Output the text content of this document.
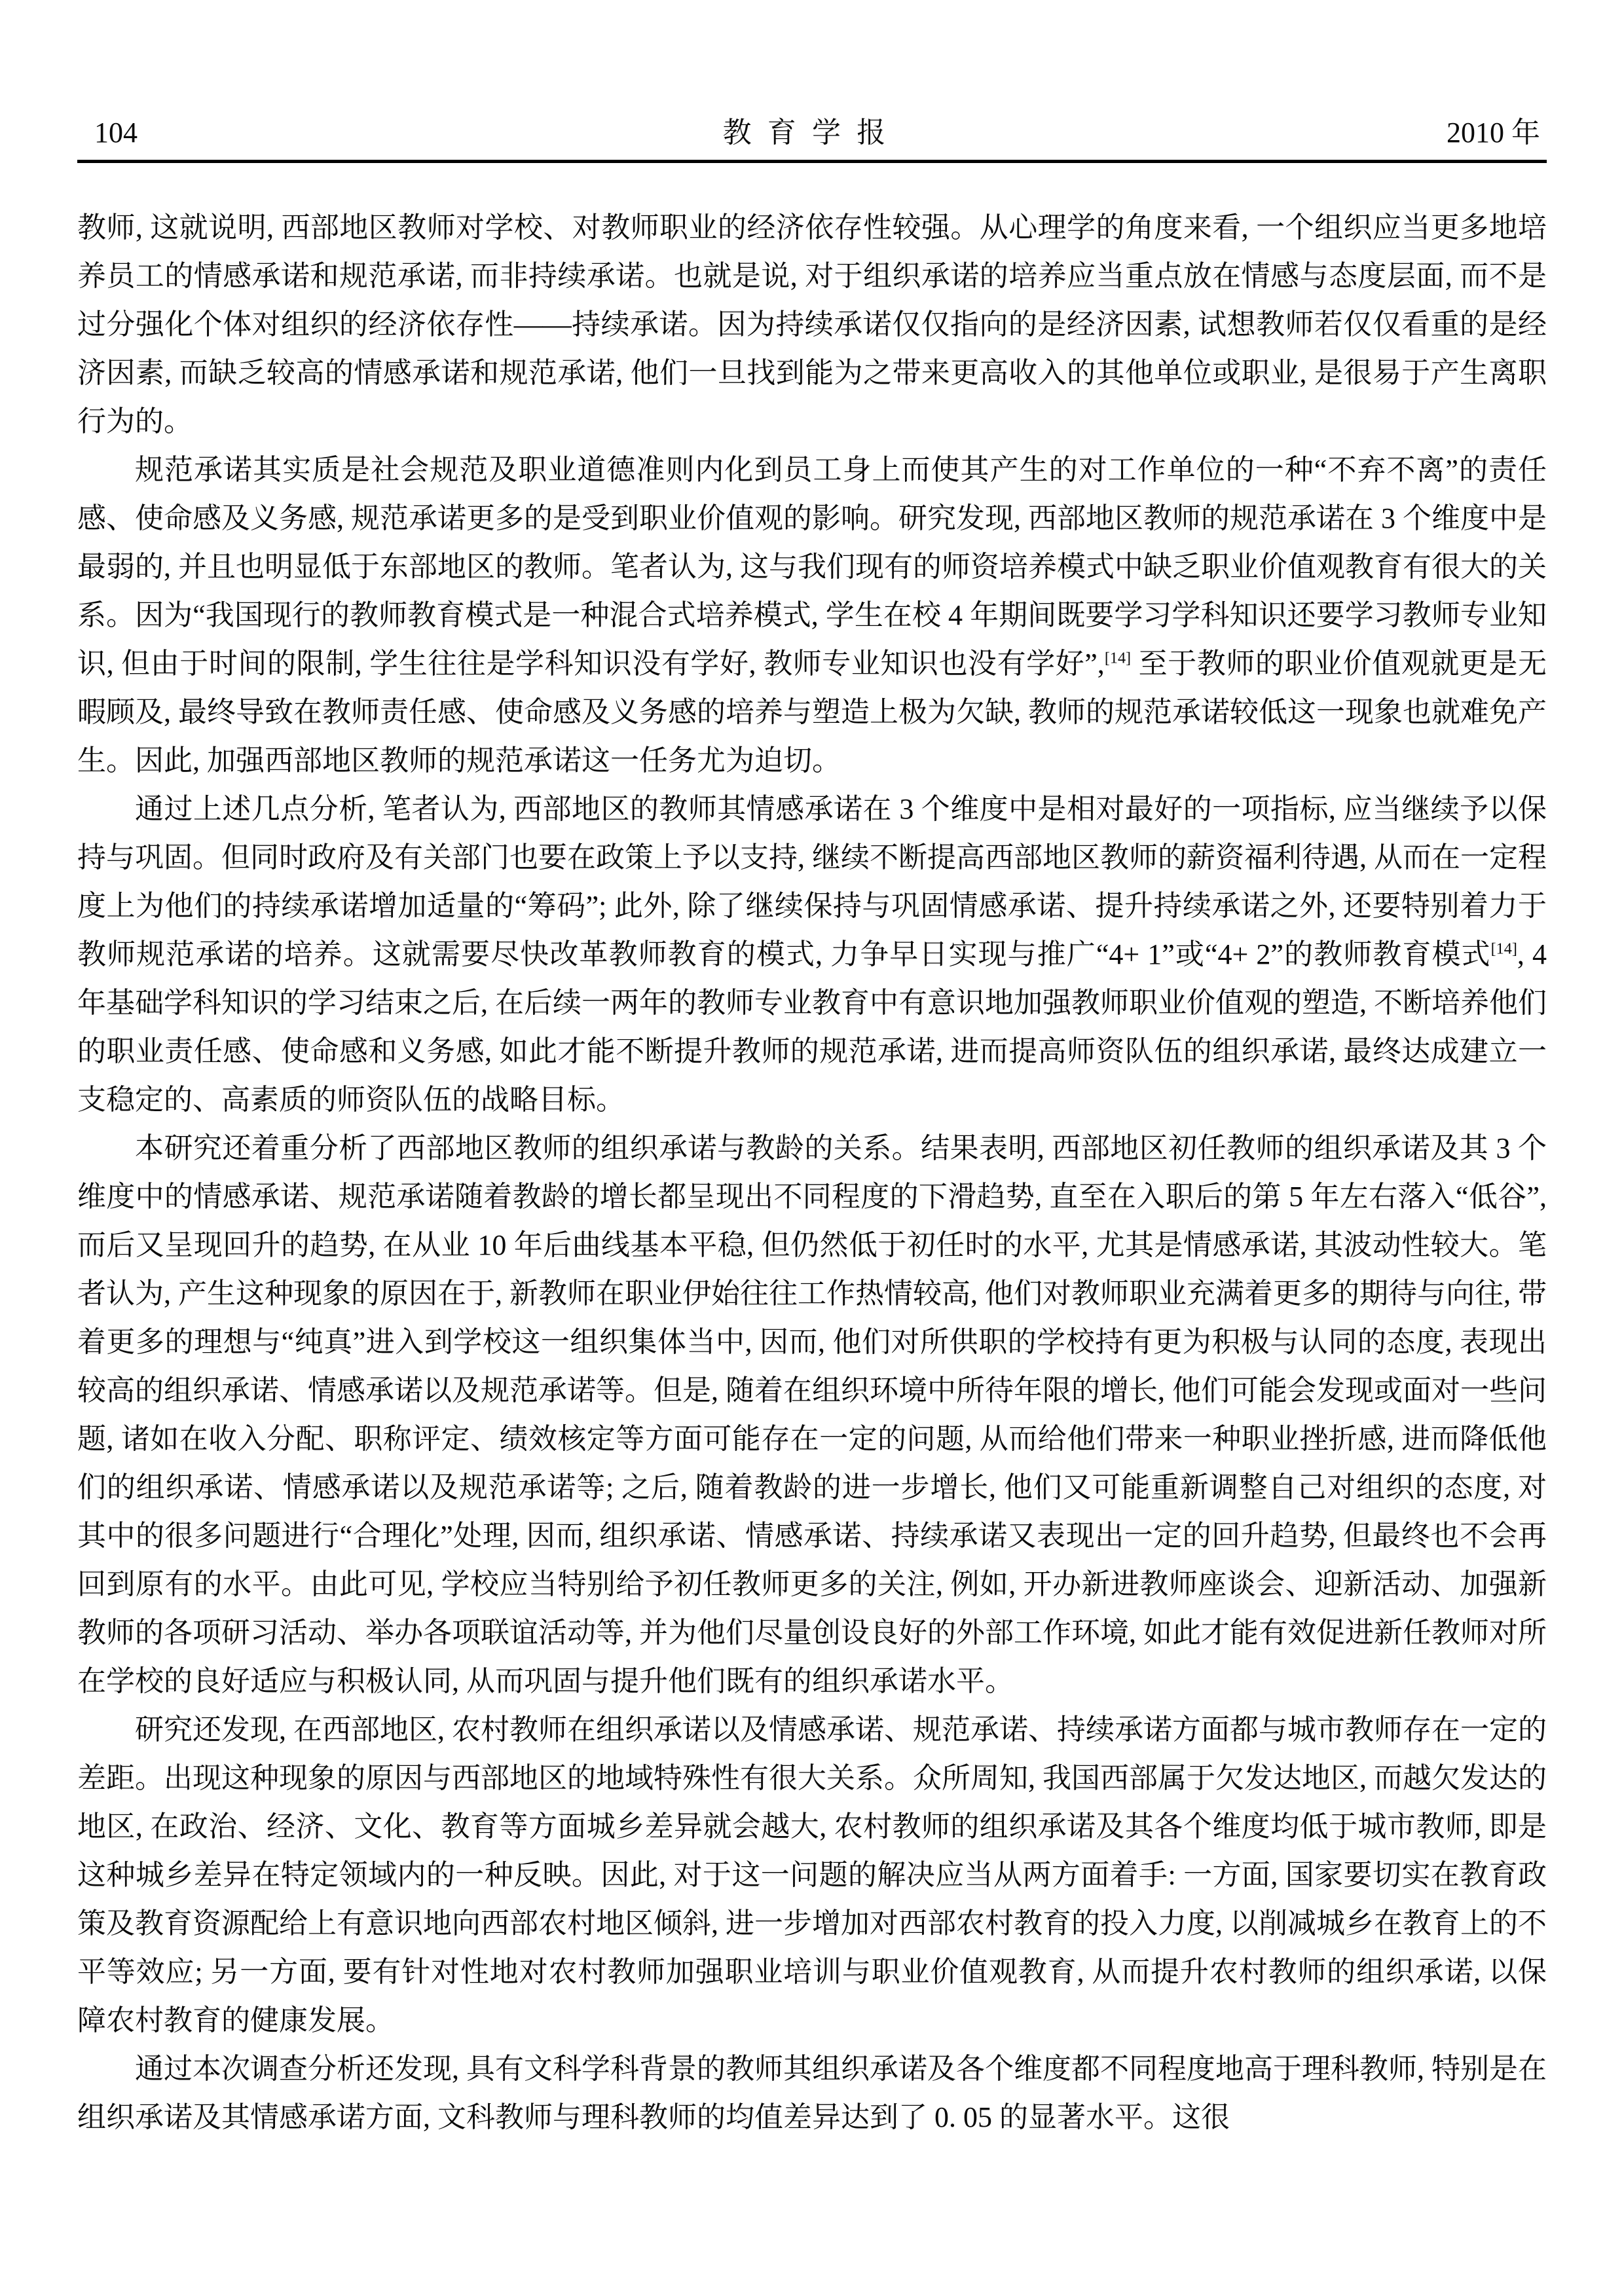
104	教育学报	2010 年

教师, 这就说明, 西部地区教师对学校、对教师职业的经济依存性较强。从心理学的角度来看, 一个组织应当更多地培养员工的情感承诺和规范承诺, 而非持续承诺。也就是说, 对于组织承诺的培养应当重点放在情感与态度层面, 而不是过分强化个体对组织的经济依存性——持续承诺。因为持续承诺仅仅指向的是经济因素, 试想教师若仅仅看重的是经济因素, 而缺乏较高的情感承诺和规范承诺, 他们一旦找到能为之带来更高收入的其他单位或职业, 是很易于产生离职行为的。

规范承诺其实质是社会规范及职业道德准则内化到员工身上而使其产生的对工作单位的一种“不弃不离”的责任感、使命感及义务感, 规范承诺更多的是受到职业价值观的影响。研究发现, 西部地区教师的规范承诺在 3 个维度中是最弱的, 并且也明显低于东部地区的教师。笔者认为, 这与我们现有的师资培养模式中缺乏职业价值观教育有很大的关系。因为“我国现行的教师教育模式是一种混合式培养模式, 学生在校 4 年期间既要学习学科知识还要学习教师专业知识, 但由于时间的限制, 学生往往是学科知识没有学好, 教师专业知识也没有学好”,[14] 至于教师的职业价值观就更是无暇顾及, 最终导致在教师责任感、使命感及义务感的培养与塑造上极为欠缺, 教师的规范承诺较低这一现象也就难免产生。因此, 加强西部地区教师的规范承诺这一任务尤为迫切。

通过上述几点分析, 笔者认为, 西部地区的教师其情感承诺在 3 个维度中是相对最好的一项指标, 应当继续予以保持与巩固。但同时政府及有关部门也要在政策上予以支持, 继续不断提高西部地区教师的薪资福利待遇, 从而在一定程度上为他们的持续承诺增加适量的“筹码”; 此外, 除了继续保持与巩固情感承诺、提升持续承诺之外, 还要特别着力于教师规范承诺的培养。这就需要尽快改革教师教育的模式, 力争早日实现与推广“4+ 1”或“4+ 2”的教师教育模式[14], 4 年基础学科知识的学习结束之后, 在后续一两年的教师专业教育中有意识地加强教师职业价值观的塑造, 不断培养他们的职业责任感、使命感和义务感, 如此才能不断提升教师的规范承诺, 进而提高师资队伍的组织承诺, 最终达成建立一支稳定的、高素质的师资队伍的战略目标。

本研究还着重分析了西部地区教师的组织承诺与教龄的关系。结果表明, 西部地区初任教师的组织承诺及其 3 个维度中的情感承诺、规范承诺随着教龄的增长都呈现出不同程度的下滑趋势, 直至在入职后的第 5 年左右落入“低谷”, 而后又呈现回升的趋势, 在从业 10 年后曲线基本平稳, 但仍然低于初任时的水平, 尤其是情感承诺, 其波动性较大。笔者认为, 产生这种现象的原因在于, 新教师在职业伊始往往工作热情较高, 他们对教师职业充满着更多的期待与向往, 带着更多的理想与“纯真”进入到学校这一组织集体当中, 因而, 他们对所供职的学校持有更为积极与认同的态度, 表现出较高的组织承诺、情感承诺以及规范承诺等。但是, 随着在组织环境中所待年限的增长, 他们可能会发现或面对一些问题, 诸如在收入分配、职称评定、绩效核定等方面可能存在一定的问题, 从而给他们带来一种职业挫折感, 进而降低他们的组织承诺、情感承诺以及规范承诺等; 之后, 随着教龄的进一步增长, 他们又可能重新调整自己对组织的态度, 对其中的很多问题进行“合理化”处理, 因而, 组织承诺、情感承诺、持续承诺又表现出一定的回升趋势, 但最终也不会再回到原有的水平。由此可见, 学校应当特别给予初任教师更多的关注, 例如, 开办新进教师座谈会、迎新活动、加强新教师的各项研习活动、举办各项联谊活动等, 并为他们尽量创设良好的外部工作环境, 如此才能有效促进新任教师对所在学校的良好适应与积极认同, 从而巩固与提升他们既有的组织承诺水平。

研究还发现, 在西部地区, 农村教师在组织承诺以及情感承诺、规范承诺、持续承诺方面都与城市教师存在一定的差距。出现这种现象的原因与西部地区的地域特殊性有很大关系。众所周知, 我国西部属于欠发达地区, 而越欠发达的地区, 在政治、经济、文化、教育等方面城乡差异就会越大, 农村教师的组织承诺及其各个维度均低于城市教师, 即是这种城乡差异在特定领域内的一种反映。因此, 对于这一问题的解决应当从两方面着手: 一方面, 国家要切实在教育政策及教育资源配给上有意识地向西部农村地区倾斜, 进一步增加对西部农村教育的投入力度, 以削减城乡在教育上的不平等效应; 另一方面, 要有针对性地对农村教师加强职业培训与职业价值观教育, 从而提升农村教师的组织承诺, 以保障农村教育的健康发展。

通过本次调查分析还发现, 具有文科学科背景的教师其组织承诺及各个维度都不同程度地高于理科教师, 特别是在组织承诺及其情感承诺方面, 文科教师与理科教师的均值差异达到了 0. 05 的显著水平。这很
